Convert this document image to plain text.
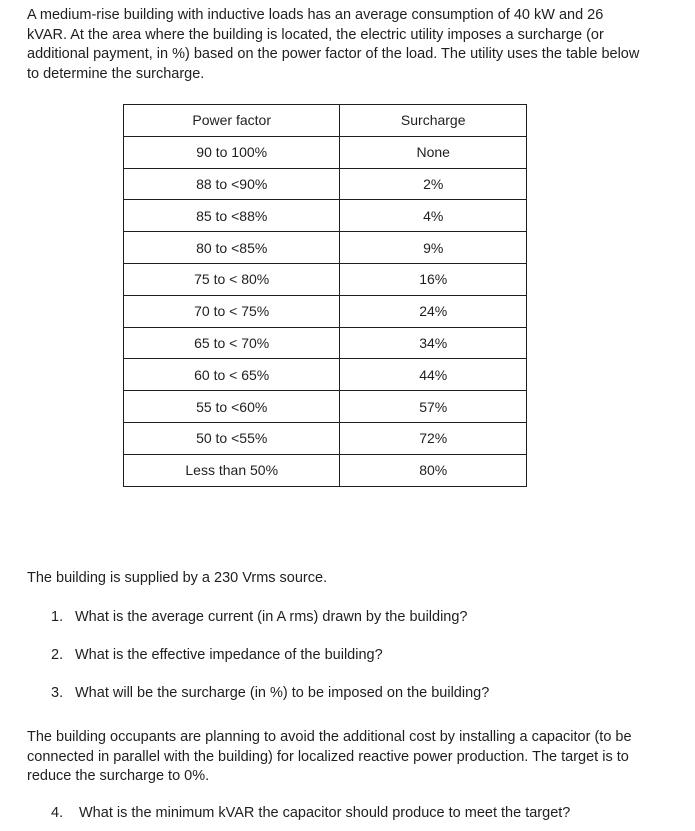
A medium-rise building with inductive loads has an average consumption of 40 kW and 26
kVAR. At the area where the building is located, the electric utility imposes a surcharge (or
additional payment, in %) based on the power factor of the load. The utility uses the table below
to determine the surcharge.
Power factor	Surcharge
90 to 100%	None
88 to <90%	2%
85 to <88%	4%
80 to <85%	9%
75 to < 80%	16%
70 to < 75%	24%
65 to < 70%	34%
60 to < 65%	44%
55 to <60%	57%
50 to <55%	72%
Less than 50%	80%
The building is supplied by a 230 Vrms source.
1. What is the average current (in A rms) drawn by the building?
2. What is the effective impedance of the building?
3. What will be the surcharge (in %) to be imposed on the building?
The building occupants are planning to avoid the additional cost by installing a capacitor (to be
connected in parallel with the building) for localized reactive power production. The target is to
reduce the surcharge to 0%.
4. What is the minimum kVAR the capacitor should produce to meet the target?
